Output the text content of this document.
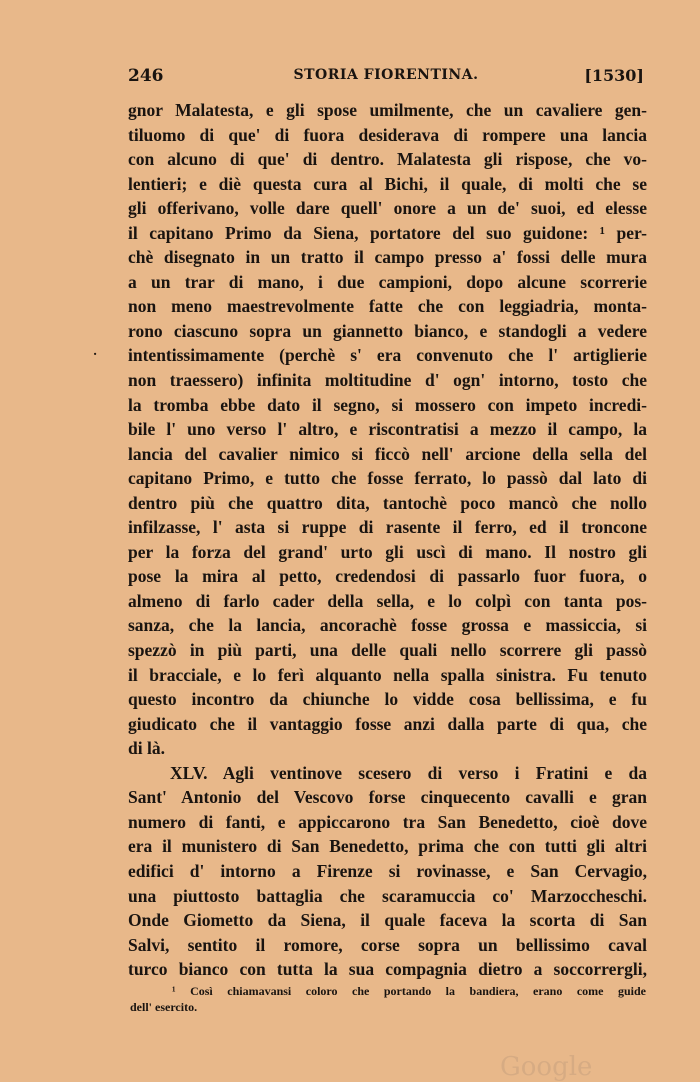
246	STORIA FIORENTINA.	[1530]
·
gnor Malatesta, e gli spose umilmente, che un cavaliere gen-
tiluomo di que' di fuora desiderava di rompere una lancia
con alcuno di que' di dentro. Malatesta gli rispose, che vo-
lentieri; e diè questa cura al Bichi, il quale, di molti che se
gli offerivano, volle dare quell' onore a un de' suoi, ed elesse
il capitano Primo da Siena, portatore del suo guidone: ¹ per-
chè disegnato in un tratto il campo presso a' fossi delle mura
a un trar di mano, i due campioni, dopo alcune scorrerie
non meno maestrevolmente fatte che con leggiadria, monta-
rono ciascuno sopra un giannetto bianco, e standogli a vedere
intentissimamente (perchè s' era convenuto che l' artiglierie
non traessero) infinita moltitudine d' ogn' intorno, tosto che
la tromba ebbe dato il segno, si mossero con impeto incredi-
bile l' uno verso l' altro, e riscontratisi a mezzo il campo, la
lancia del cavalier nimico si ficcò nell' arcione della sella del
capitano Primo, e tutto che fosse ferrato, lo passò dal lato di
dentro più che quattro dita, tantochè poco mancò che nollo
infilzasse, l' asta si ruppe di rasente il ferro, ed il troncone
per la forza del grand' urto gli uscì di mano. Il nostro gli
pose la mira al petto, credendosi di passarlo fuor fuora, o
almeno di farlo cader della sella, e lo colpì con tanta pos-
sanza, che la lancia, ancorachè fosse grossa e massiccia, si
spezzò in più parti, una delle quali nello scorrere gli passò
il bracciale, e lo ferì alquanto nella spalla sinistra. Fu tenuto
questo incontro da chiunche lo vidde cosa bellissima, e fu
giudicato che il vantaggio fosse anzi dalla parte di qua, che
di là.
XLV. Agli ventinove scesero di verso i Fratini e da
Sant' Antonio del Vescovo forse cinquecento cavalli e gran
numero di fanti, e appiccarono tra San Benedetto, cioè dove
era il munistero di San Benedetto, prima che con tutti gli altri
edifici d' intorno a Firenze si rovinasse, e San Cervagio,
una piuttosto battaglia che scaramuccia co' Marzoccheschi.
Onde Giometto da Siena, il quale faceva la scorta di San
Salvi, sentito il romore, corse sopra un bellissimo caval
turco bianco con tutta la sua compagnia dietro a soccorrergli,
¹ Così chiamavansi coloro che portando la bandiera, erano come guide
dell' esercito.
Google
